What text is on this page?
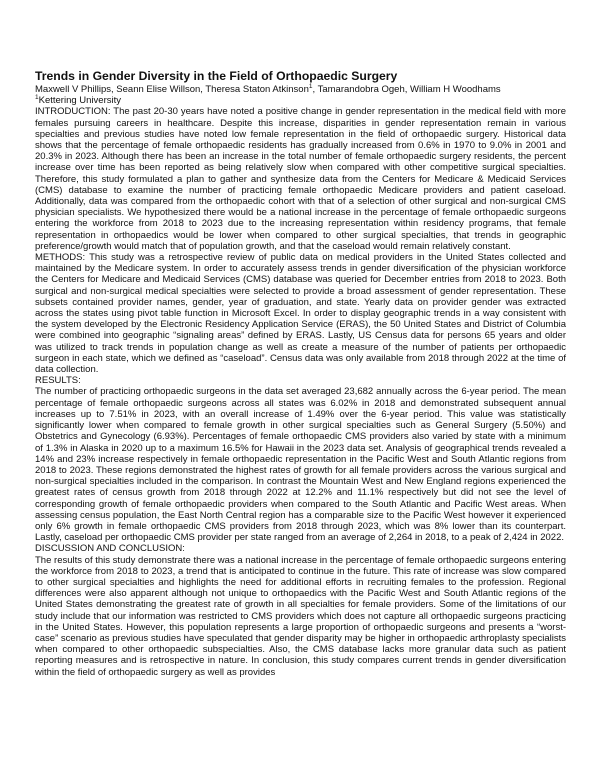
Trends in Gender Diversity in the Field of Orthopaedic Surgery
Maxwell V Phillips, Seann Elise Willson, Theresa Staton Atkinson$^1$, Tamarandobra Ogeh, William H Woodhams
$^1$Kettering University
INTRODUCTION: The past 20-30 years have noted a positive change in gender representation in the medical field with more females pursuing careers in healthcare. Despite this increase, disparities in gender representation remain in various specialties and previous studies have noted low female representation in the field of orthopaedic surgery. Historical data shows that the percentage of female orthopaedic residents has gradually increased from 0.6% in 1970 to 9.0% in 2001 and 20.3% in 2023. Although there has been an increase in the total number of female orthopaedic surgery residents, the percent increase over time has been reported as being relatively slow when compared with other competitive surgical specialties. Therefore, this study formulated a plan to gather and synthesize data from the Centers for Medicare & Medicaid Services (CMS) database to examine the number of practicing female orthopaedic Medicare providers and patient caseload. Additionally, data was compared from the orthopaedic cohort with that of a selection of other surgical and non-surgical CMS physician specialists. We hypothesized there would be a national increase in the percentage of female orthopaedic surgeons entering the workforce from 2018 to 2023 due to the increasing representation within residency programs, that female representation in orthopaedics would be lower when compared to other surgical specialties, that trends in geographic preference/growth would match that of population growth, and that the caseload would remain relatively constant.
METHODS: This study was a retrospective review of public data on medical providers in the United States collected and maintained by the Medicare system. In order to accurately assess trends in gender diversification of the physician workforce the Centers for Medicare and Medicaid Services (CMS) database was queried for December entries from 2018 to 2023. Both surgical and non-surgical medical specialties were selected to provide a broad assessment of gender representation. These subsets contained provider names, gender, year of graduation, and state. Yearly data on provider gender was extracted across the states using pivot table function in Microsoft Excel. In order to display geographic trends in a way consistent with the system developed by the Electronic Residency Application Service (ERAS), the 50 United States and District of Columbia were combined into geographic “signaling areas” defined by ERAS. Lastly, US Census data for persons 65 years and older was utilized to track trends in population change as well as create a measure of the number of patients per orthopaedic surgeon in each state, which we defined as “caseload”. Census data was only available from 2018 through 2022 at the time of data collection.
RESULTS:
The number of practicing orthopaedic surgeons in the data set averaged 23,682 annually across the 6-year period. The mean percentage of female orthopaedic surgeons across all states was 6.02% in 2018 and demonstrated subsequent annual increases up to 7.51% in 2023, with an overall increase of 1.49% over the 6-year period. This value was statistically significantly lower when compared to female growth in other surgical specialties such as General Surgery (5.50%) and Obstetrics and Gynecology (6.93%). Percentages of female orthopaedic CMS providers also varied by state with a minimum of 1.3% in Alaska in 2020 up to a maximum 16.5% for Hawaii in the 2023 data set. Analysis of geographical trends revealed a 14% and 23% increase respectively in female orthopaedic representation in the Pacific West and South Atlantic regions from 2018 to 2023. These regions demonstrated the highest rates of growth for all female providers across the various surgical and non-surgical specialties included in the comparison. In contrast the Mountain West and New England regions experienced the greatest rates of census growth from 2018 through 2022 at 12.2% and 11.1% respectively but did not see the level of corresponding growth of female orthopaedic providers when compared to the South Atlantic and Pacific West areas. When assessing census population, the East North Central region has a comparable size to the Pacific West however it experienced only 6% growth in female orthopaedic CMS providers from 2018 through 2023, which was 8% lower than its counterpart. Lastly, caseload per orthopaedic CMS provider per state ranged from an average of 2,264 in 2018, to a peak of 2,424 in 2022.
DISCUSSION AND CONCLUSION:
The results of this study demonstrate there was a national increase in the percentage of female orthopaedic surgeons entering the workforce from 2018 to 2023, a trend that is anticipated to continue in the future. This rate of increase was slow compared to other surgical specialties and highlights the need for additional efforts in recruiting females to the profession. Regional differences were also apparent although not unique to orthopaedics with the Pacific West and South Atlantic regions of the United States demonstrating the greatest rate of growth in all specialties for female providers. Some of the limitations of our study include that our information was restricted to CMS providers which does not capture all orthopaedic surgeons practicing in the United States. However, this population represents a large proportion of orthopaedic surgeons and presents a “worst-case” scenario as previous studies have speculated that gender disparity may be higher in orthopaedic arthroplasty specialists when compared to other orthopaedic subspecialties. Also, the CMS database lacks more granular data such as patient reporting measures and is retrospective in nature. In conclusion, this study compares current trends in gender diversification within the field of orthopaedic surgery as well as provides
